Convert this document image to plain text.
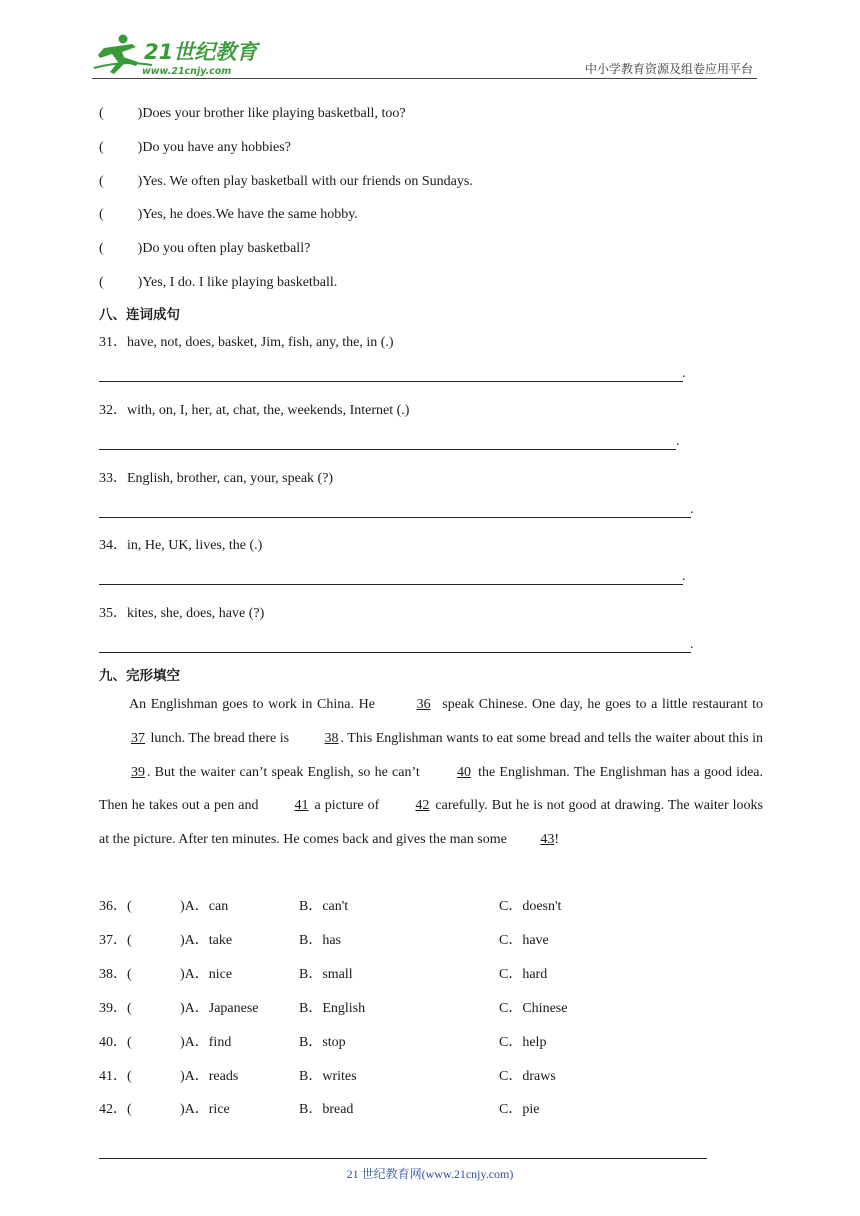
21世纪教育
www.21cnjy.com	中小学教育资源及组卷应用平台
( )Does your brother like playing basketball, too?
( )Do you have any hobbies?
( )Yes. We often play basketball with our friends on Sundays.
( )Yes, he does.We have the same hobby.
( )Do you often play basketball?
( )Yes, I do. I like playing basketball.
八、连词成句
31．have, not, does, basket, Jim, fish, any, the, in (.)
.
32．with, on, I, her, at, chat, the, weekends, Internet (.)
.
33．English, brother, can, your, speak (?)
.
34．in, He, UK, lives, the (.)
.
35．kites, she, does, have (?)
.
九、完形填空

An Englishman goes to work in China. He	36 speak Chinese. One day, he goes to a little restaurant to 37 lunch. The bread there is 38 . This Englishman wants to eat some bread and tells the waiter about this in 39 . But the waiter can’t speak English, so he can’t 40 the Englishman. The Englishman has a good idea. Then he takes out a pen and 41 a picture of 42 carefully. But he is not good at drawing. The waiter looks at the picture. After ten minutes. He comes back and gives the man some 43!

36．(	)A．can	B．can't	C．doesn't
37．(	)A．take	B．has	C．have
38．(	)A．nice	B．small	C．hard
39．(	)A．Japanese	B．English	C．Chinese
40．(	)A．find	B．stop	C．help
41．(	)A．reads	B．writes	C．draws
42．(	)A．rice	B．bread	C．pie
21 世纪教育网(www.21cnjy.com)
